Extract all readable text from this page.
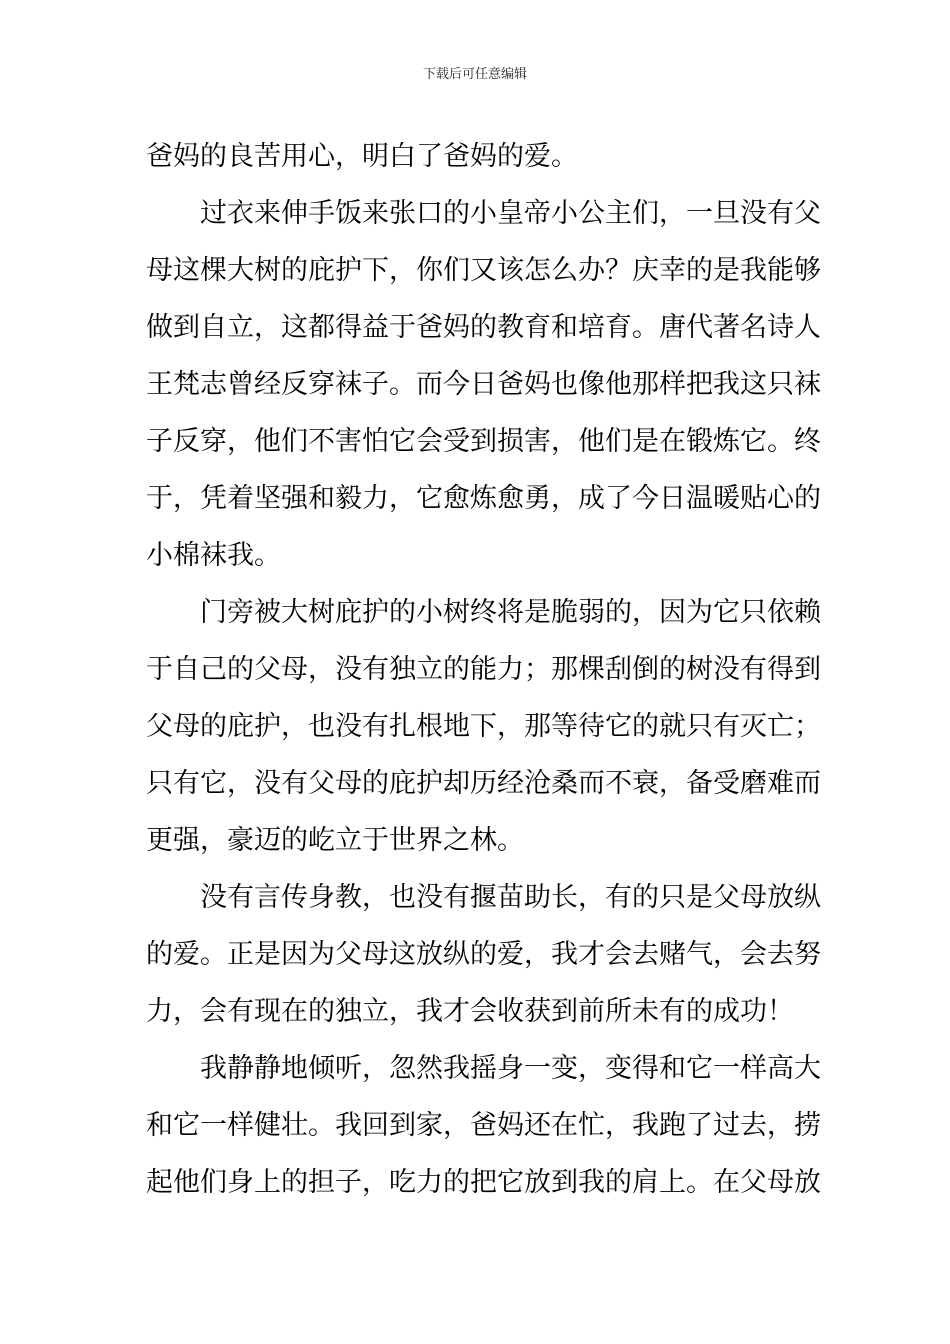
下载后可任意编辑
爸妈的良苦用心，明白了爸妈的爱。
过衣来伸手饭来张口的小皇帝小公主们，一旦没有父
母这棵大树的庇护下，你们又该怎么办？庆幸的是我能够
做到自立，这都得益于爸妈的教育和培育。唐代著名诗人
王梵志曾经反穿袜子。而今日爸妈也像他那样把我这只袜
子反穿，他们不害怕它会受到损害，他们是在锻炼它。终
于，凭着坚强和毅力，它愈炼愈勇，成了今日温暖贴心的
小棉袜我。
门旁被大树庇护的小树终将是脆弱的，因为它只依赖
于自己的父母，没有独立的能力；那棵刮倒的树没有得到
父母的庇护，也没有扎根地下，那等待它的就只有灭亡；
只有它，没有父母的庇护却历经沧桑而不衰，备受磨难而
更强，豪迈的屹立于世界之林。
没有言传身教，也没有揠苗助长，有的只是父母放纵
的爱。正是因为父母这放纵的爱，我才会去赌气，会去努
力，会有现在的独立，我才会收获到前所未有的成功！
我静静地倾听，忽然我摇身一变，变得和它一样高大
和它一样健壮。我回到家，爸妈还在忙，我跑了过去，捞
起他们身上的担子，吃力的把它放到我的肩上。在父母放
